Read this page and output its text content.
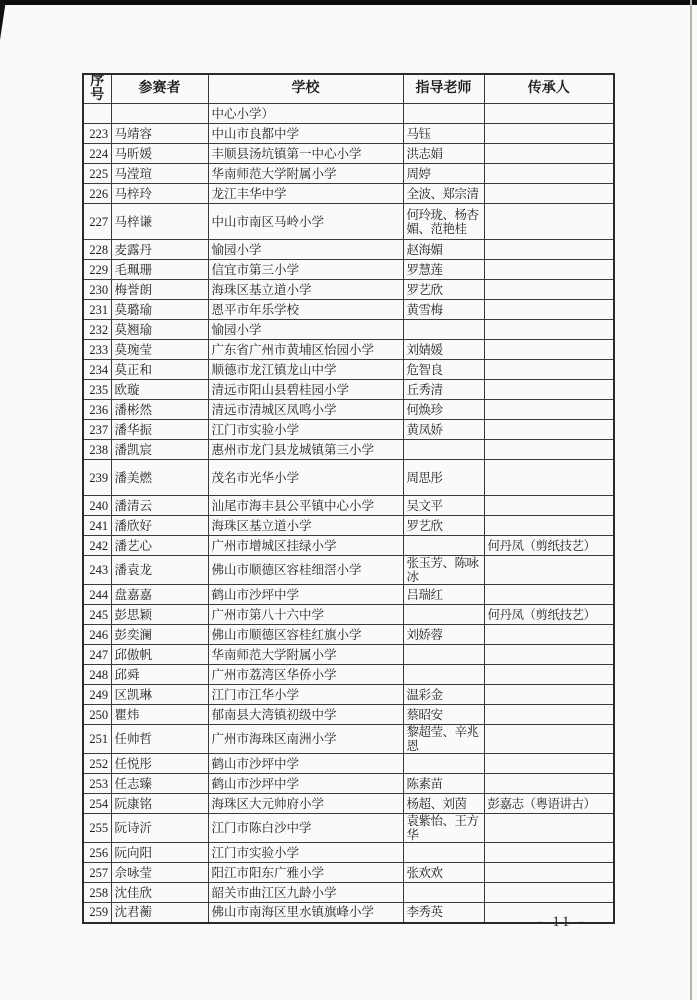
序号	参赛者	学校	指导老师	传承人
		中心小学）		
223	马靖容	中山市良都中学	马钰	
224	马昕媛	丰顺县汤坑镇第一中心小学	洪志娟	
225	马滢瑄	华南师范大学附属小学	周婷	
226	马梓玲	龙江丰华中学	全波、郑宗清	
227	马梓谦	中山市南区马岭小学	何玲珑、杨杏媚、范艳桂	
228	麦露丹	愉园小学	赵海媚	
229	毛珮珊	信宜市第三小学	罗慧莲	
230	梅誉朗	海珠区基立道小学	罗艺欣	
231	莫璐瑜	恩平市年乐学校	黄雪梅	
232	莫翘瑜	愉园小学		
233	莫琬莹	广东省广州市黄埔区怡园小学	刘婧媛	
234	莫正和	顺德市龙江镇龙山中学	危智良	
235	欧璇	清远市阳山县碧桂园小学	丘秀清	
236	潘彬然	清远市清城区凤鸣小学	何焕珍	
237	潘华振	江门市实验小学	黄凤娇	
238	潘凯宸	惠州市龙门县龙城镇第三小学		
239	潘美燃	茂名市光华小学	周思彤	
240	潘清云	汕尾市海丰县公平镇中心小学	吴文平	
241	潘欣好	海珠区基立道小学	罗艺欣	
242	潘艺心	广州市增城区挂绿小学		何丹凤（剪纸技艺）
243	潘袁龙	佛山市顺德区容桂细滘小学	张玉芳、陈咏冰	
244	盘嘉嘉	鹤山市沙坪中学	吕瑞红	
245	彭思颖	广州市第八十六中学		何丹凤（剪纸技艺）
246	彭奕澜	佛山市顺德区容桂红旗小学	刘娇蓉	
247	邱傲帆	华南师范大学附属小学		
248	邱舜	广州市荔湾区华侨小学		
249	区凯琳	江门市江华小学	温彩金	
250	瞿炜	郁南县大湾镇初级中学	蔡昭安	
251	任帅哲	广州市海珠区南洲小学	黎超莹、辛兆恩	
252	任悦彤	鹤山市沙坪中学		
253	任志臻	鹤山市沙坪中学	陈素苗	
254	阮康铭	海珠区大元帅府小学	杨超、刘茵	彭嘉志（粤语讲古）
255	阮诗沂	江门市陈白沙中学	袁紫怡、王方华	
256	阮向阳	江门市实验小学		
257	佘咏莹	阳江市阳东广雅小学	张欢欢	
258	沈佳欣	韶关市曲江区九龄小学		
259	沈君蘅	佛山市南海区里水镇旗峰小学	李秀英	
- 11 -
